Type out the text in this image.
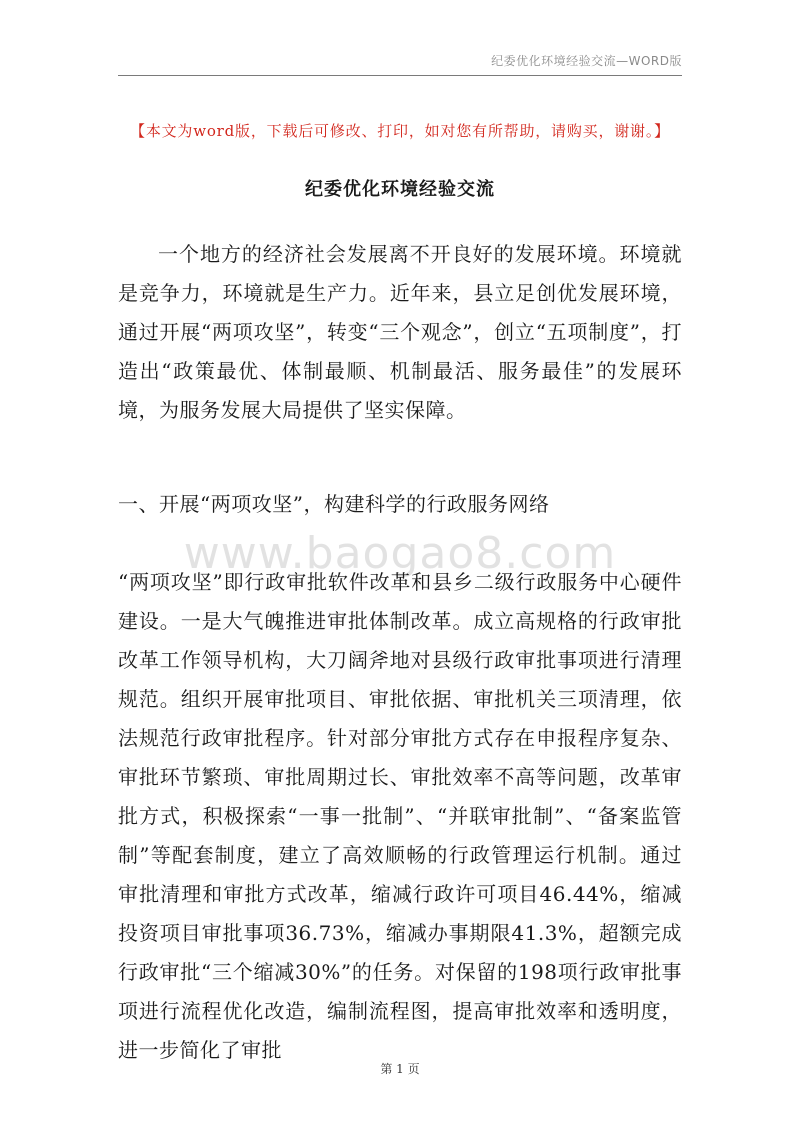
纪委优化环境经验交流—WORD版
【本文为word版，下载后可修改、打印，如对您有所帮助，请购买，谢谢。】
纪委优化环境经验交流

一个地方的经济社会发展离不开良好的发展环境。环境就是竞争力，环境就是生产力。近年来，县立足创优发展环境，通过开展“两项攻坚”，转变“三个观念”，创立“五项制度”，打造出“政策最优、体制最顺、机制最活、服务最佳”的发展环境，为服务发展大局提供了坚实保障。

一、开展“两项攻坚”，构建科学的行政服务网络
www.baogao8.com

“两项攻坚”即行政审批软件改革和县乡二级行政服务中心硬件建设。一是大气魄推进审批体制改革。成立高规格的行政审批改革工作领导机构，大刀阔斧地对县级行政审批事项进行清理规范。组织开展审批项目、审批依据、审批机关三项清理，依法规范行政审批程序。针对部分审批方式存在申报程序复杂、审批环节繁琐、审批周期过长、审批效率不高等问题，改革审批方式，积极探索“一事一批制”、“并联审批制”、“备案监管制”等配套制度，建立了高效顺畅的行政管理运行机制。通过审批清理和审批方式改革，缩减行政许可项目46.44%，缩减投资项目审批事项36.73%，缩减办事期限41.3%，超额完成行政审批“三个缩减30%”的任务。对保留的198项行政审批事项进行流程优化改造，编制流程图，提高审批效率和透明度，进一步简化了审批

第 1 页
